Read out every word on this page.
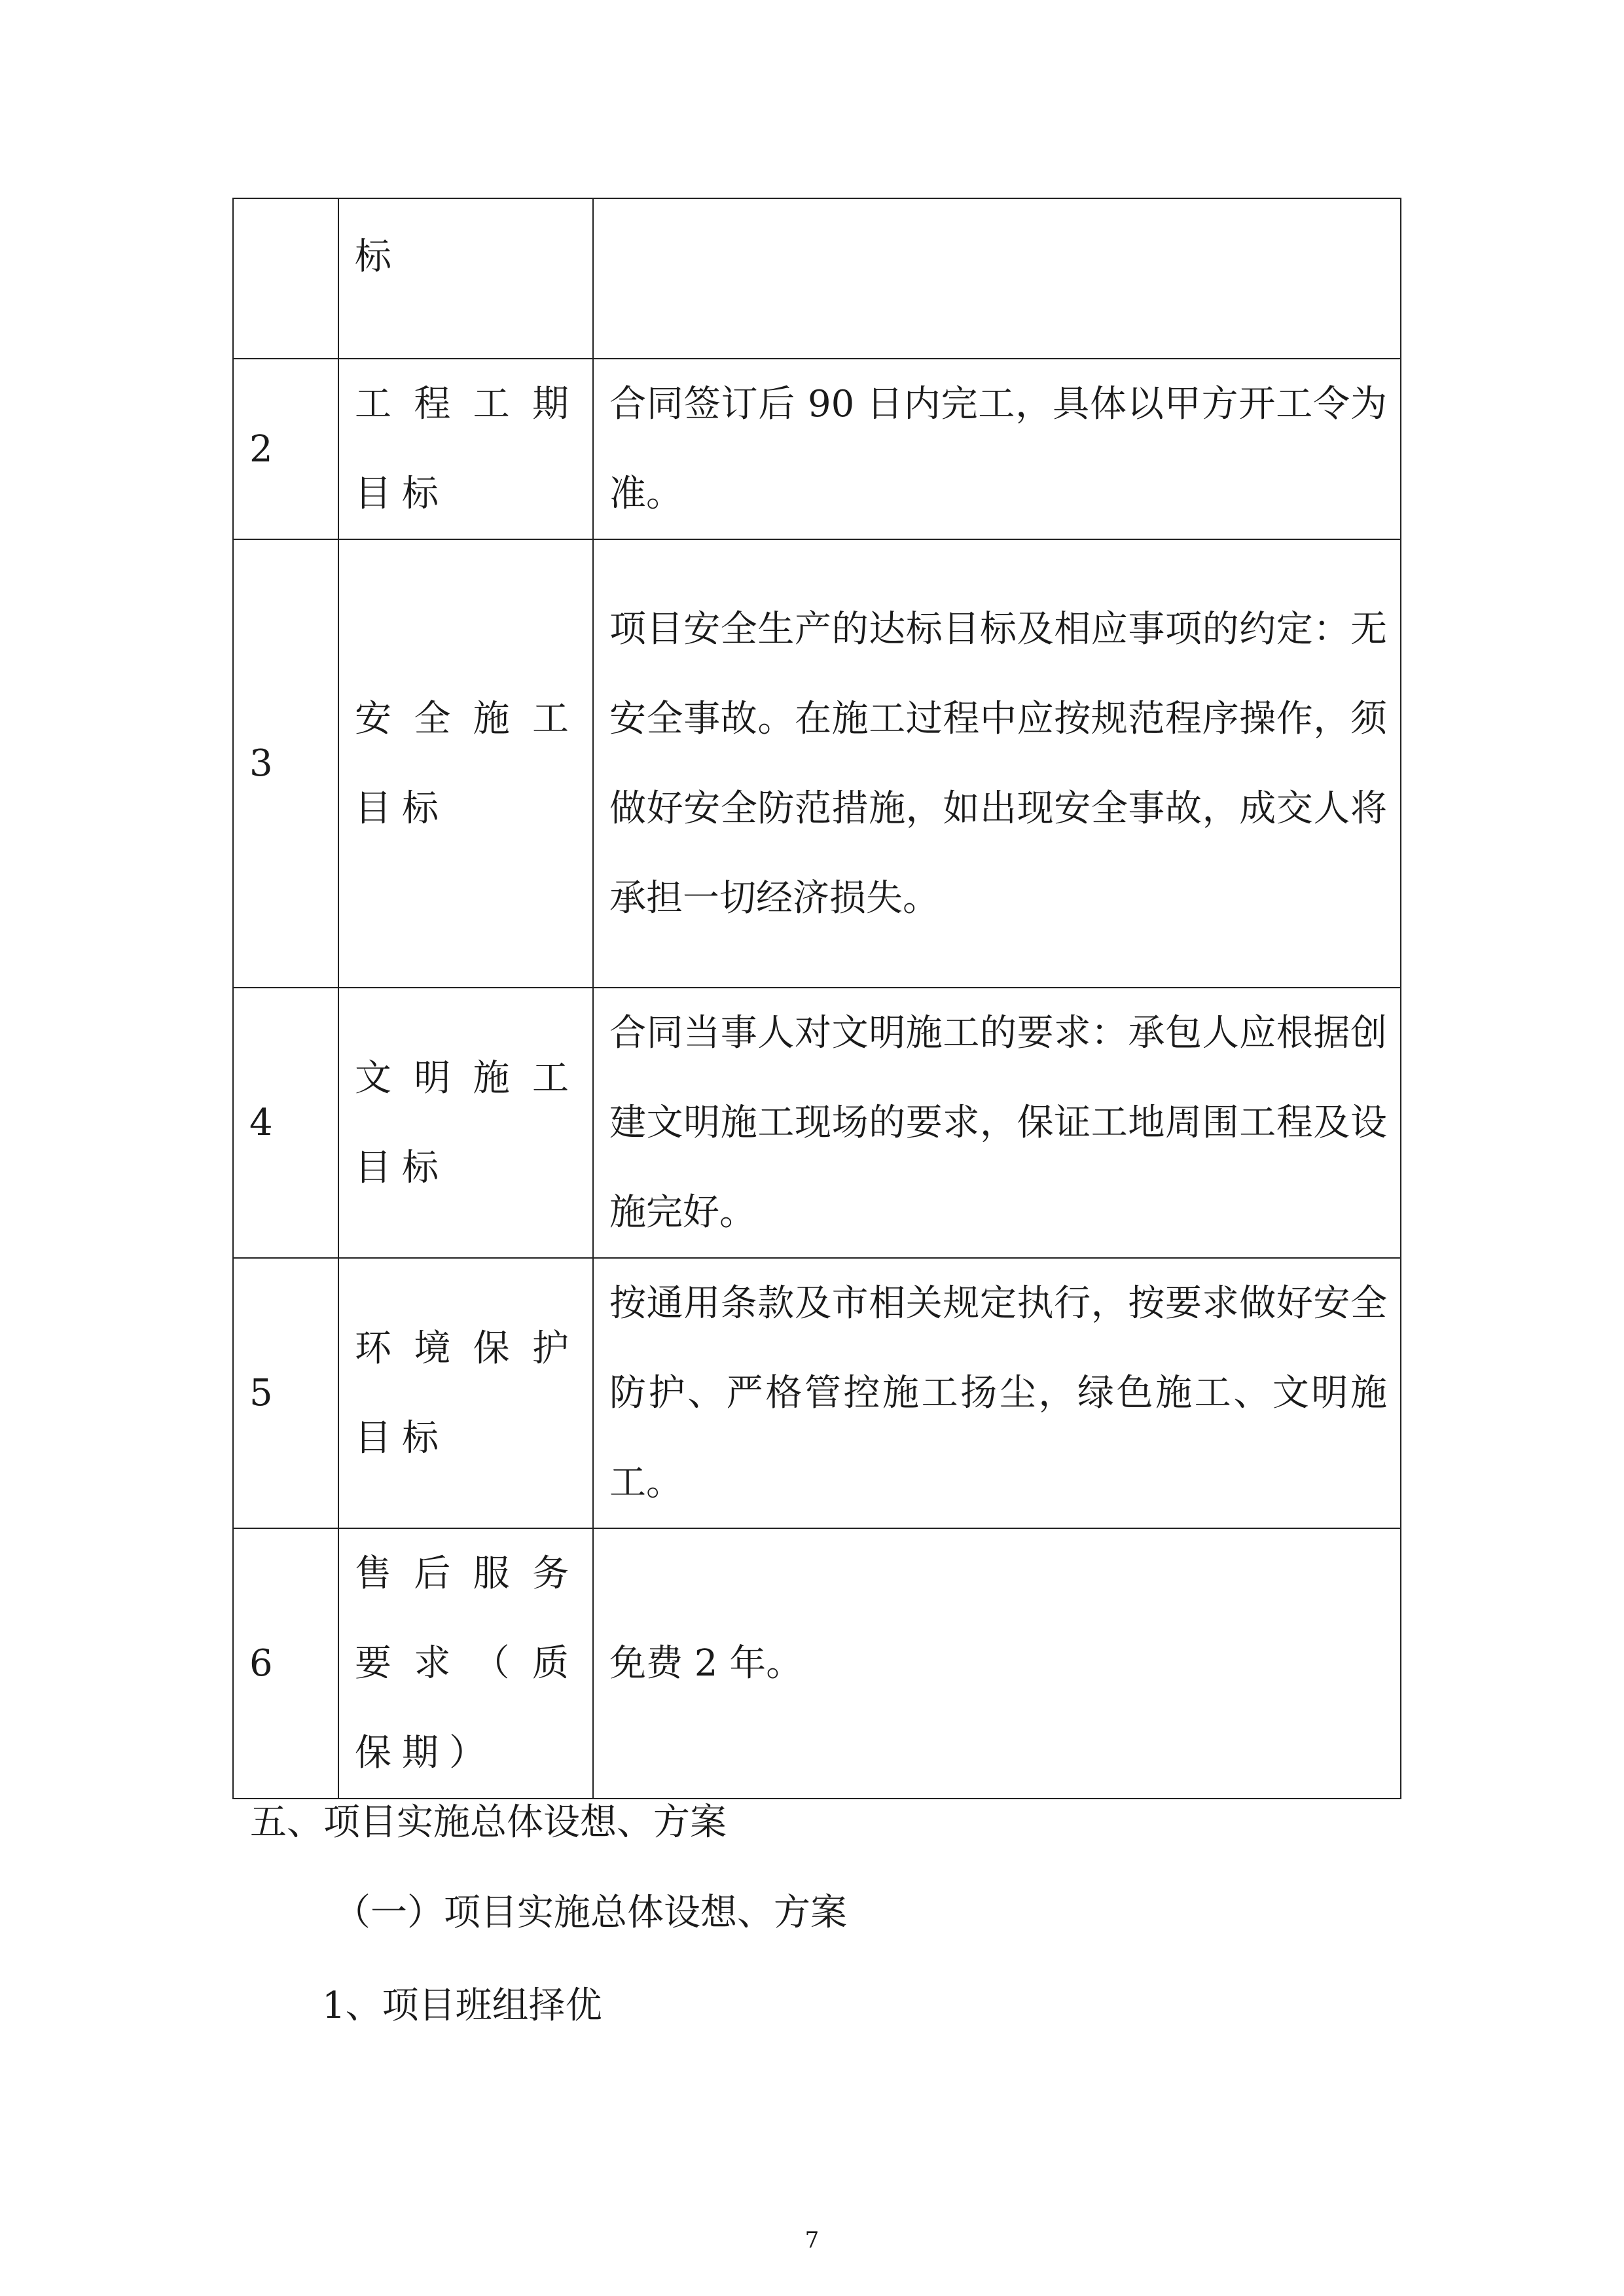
	标	
2	工程工期目标	合同签订后 90 日内完工，具体以甲方开工令为准。
3	安全施工目标	项目安全生产的达标目标及相应事项的约定：无安全事故。在施工过程中应按规范程序操作，须做好安全防范措施，如出现安全事故，成交人将承担一切经济损失。
4	文明施工目标	合同当事人对文明施工的要求：承包人应根据创建文明施工现场的要求，保证工地周围工程及设施完好。
5	环境保护目标	按通用条款及市相关规定执行，按要求做好安全防护、严格管控施工扬尘，绿色施工、文明施工。
6	售后服务要求（质保期）	免费 2 年。
五、项目实施总体设想、方案
（一）项目实施总体设想、方案
1、项目班组择优
7
